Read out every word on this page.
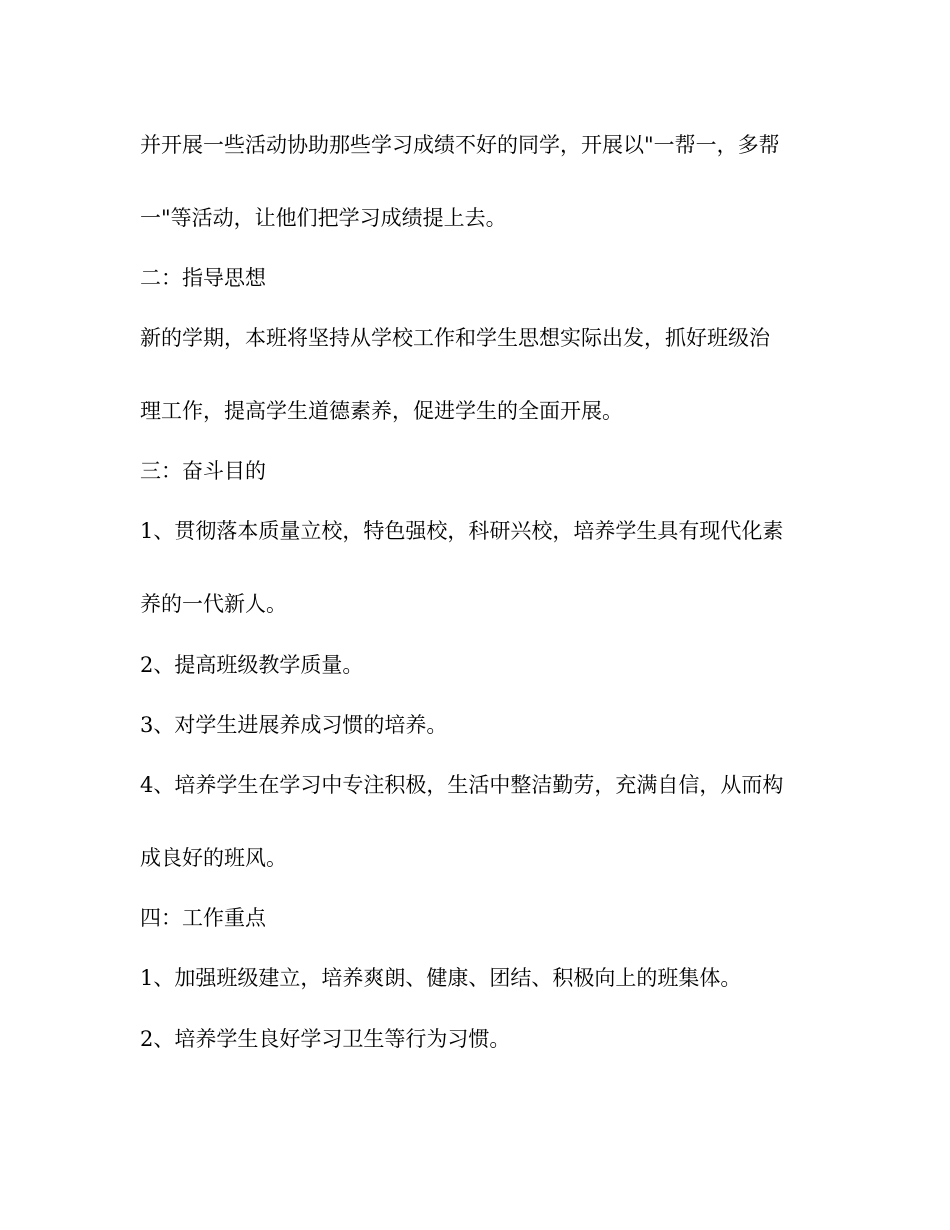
并开展一些活动协助那些学习成绩不好的同学，开展以"一帮一，多帮

一"等活动，让他们把学习成绩提上去。

二：指导思想

新的学期，本班将坚持从学校工作和学生思想实际出发，抓好班级治

理工作，提高学生道德素养，促进学生的全面开展。

三：奋斗目的

1、贯彻落本质量立校，特色强校，科研兴校，培养学生具有现代化素

养的一代新人。

2、提高班级教学质量。

3、对学生进展养成习惯的培养。

4、培养学生在学习中专注积极，生活中整洁勤劳，充满自信，从而构

成良好的班风。

四：工作重点

1、加强班级建立，培养爽朗、健康、团结、积极向上的班集体。

2、培养学生良好学习卫生等行为习惯。
